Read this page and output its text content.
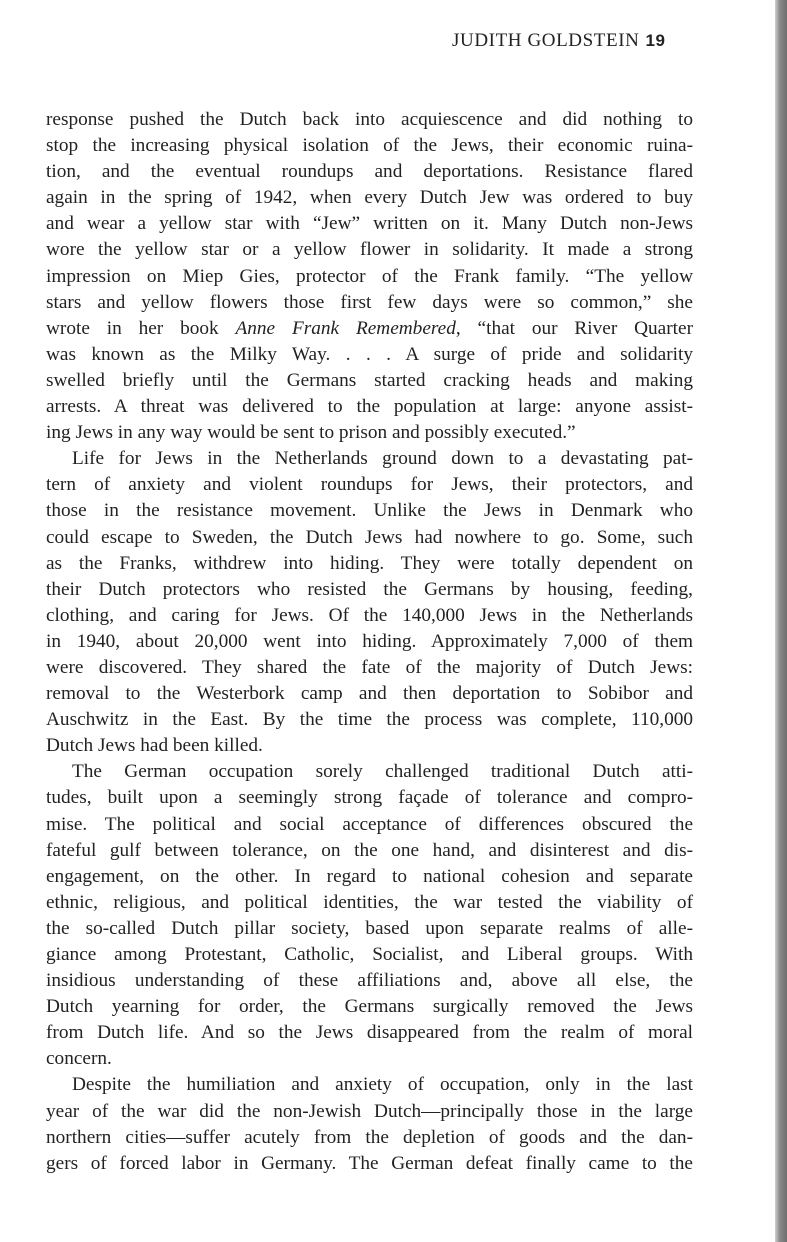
JUDITH GOLDSTEIN 19
response pushed the Dutch back into acquiescence and did nothing to
stop the increasing physical isolation of the Jews, their economic ruina-
tion, and the eventual roundups and deportations. Resistance flared
again in the spring of 1942, when every Dutch Jew was ordered to buy
and wear a yellow star with “Jew” written on it. Many Dutch non-Jews
wore the yellow star or a yellow flower in solidarity. It made a strong
impression on Miep Gies, protector of the Frank family. “The yellow
stars and yellow flowers those first few days were so common,” she
wrote in her book Anne Frank Remembered, “that our River Quarter
was known as the Milky Way. . . . A surge of pride and solidarity
swelled briefly until the Germans started cracking heads and making
arrests. A threat was delivered to the population at large: anyone assist-
ing Jews in any way would be sent to prison and possibly executed.”
Life for Jews in the Netherlands ground down to a devastating pat-
tern of anxiety and violent roundups for Jews, their protectors, and
those in the resistance movement. Unlike the Jews in Denmark who
could escape to Sweden, the Dutch Jews had nowhere to go. Some, such
as the Franks, withdrew into hiding. They were totally dependent on
their Dutch protectors who resisted the Germans by housing, feeding,
clothing, and caring for Jews. Of the 140,000 Jews in the Netherlands
in 1940, about 20,000 went into hiding. Approximately 7,000 of them
were discovered. They shared the fate of the majority of Dutch Jews:
removal to the Westerbork camp and then deportation to Sobibor and
Auschwitz in the East. By the time the process was complete, 110,000
Dutch Jews had been killed.
The German occupation sorely challenged traditional Dutch atti-
tudes, built upon a seemingly strong façade of tolerance and compro-
mise. The political and social acceptance of differences obscured the
fateful gulf between tolerance, on the one hand, and disinterest and dis-
engagement, on the other. In regard to national cohesion and separate
ethnic, religious, and political identities, the war tested the viability of
the so-called Dutch pillar society, based upon separate realms of alle-
giance among Protestant, Catholic, Socialist, and Liberal groups. With
insidious understanding of these affiliations and, above all else, the
Dutch yearning for order, the Germans surgically removed the Jews
from Dutch life. And so the Jews disappeared from the realm of moral
concern.
Despite the humiliation and anxiety of occupation, only in the last
year of the war did the non-Jewish Dutch—principally those in the large
northern cities—suffer acutely from the depletion of goods and the dan-
gers of forced labor in Germany. The German defeat finally came to the
